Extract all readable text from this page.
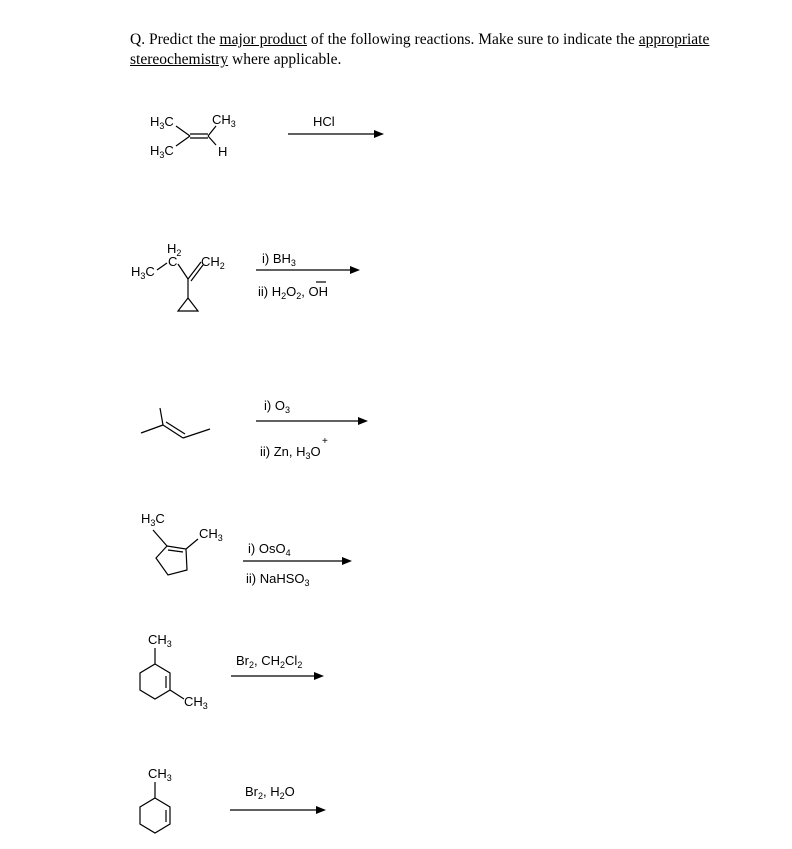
Q. Predict the major product of the following reactions. Make sure to indicate the appropriate stereochemistry where applicable.
$H_3C$	$CH_3$
$H_3C$	H
HCl
$H_2$
C $CH_2$
$H_3C$
i) $BH_3$
ii) $H_2O_2$, OH
i) $O_3$
ii) Zn, $H_3O$
+
$H_3C$
$CH_3$
i) OsO$_4$
ii) NaHSO$_3$
$CH_3$
$CH_3$
$Br_2$, $CH_2Cl_2$
$CH_3$
$Br_2$, $H_2O$
